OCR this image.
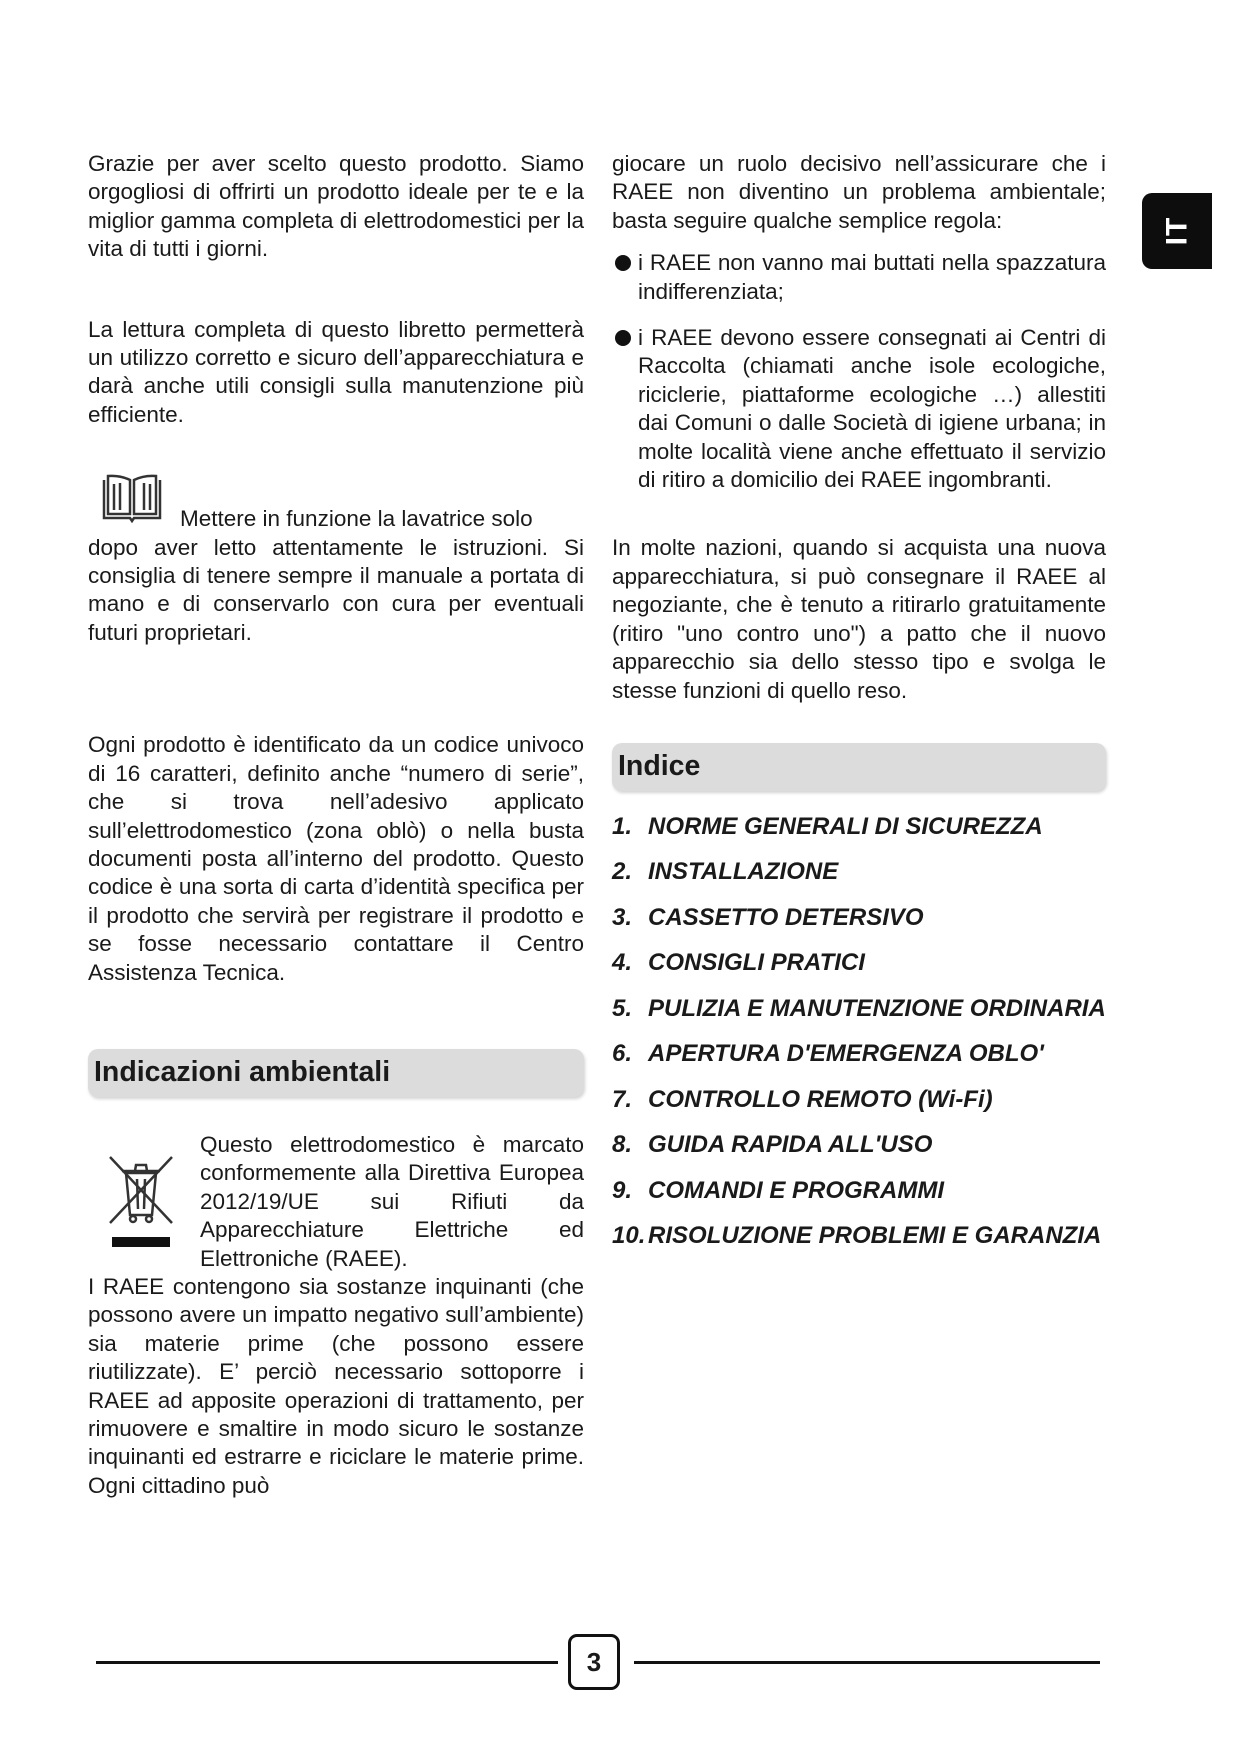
IT

Grazie per aver scelto questo prodotto. Siamo orgogliosi di offrirti un prodotto ideale per te e la miglior gamma completa di elettrodomestici per la vita di tutti i giorni.

La lettura completa di questo libretto permetterà un utilizzo corretto e sicuro dell’apparecchiatura e darà anche utili consigli sulla manutenzione più efficiente.

Mettere in funzione la lavatrice solo
dopo aver letto attentamente le istruzioni. Si consiglia di tenere sempre il manuale a portata di mano e di conservarlo con cura per eventuali futuri proprietari.

Ogni prodotto è identificato da un codice univoco di 16 caratteri, definito anche “numero di serie”, che si trova nell’adesivo applicato sull’elettrodomestico (zona oblò) o nella busta documenti posta all’interno del prodotto. Questo codice è una sorta di carta d’identità specifica per il prodotto che servirà per registrare il prodotto e se fosse necessario contattare il Centro Assistenza Tecnica.

Indicazioni ambientali

Questo elettrodomestico è marcato conformemente alla Direttiva Europea 2012/19/UE sui Rifiuti da Apparecchiature Elettriche ed Elettroniche (RAEE).

I RAEE contengono sia sostanze inquinanti (che possono avere un impatto negativo sull’ambiente) sia materie prime (che possono essere riutilizzate). E’ perciò necessario sottoporre i RAEE ad apposite operazioni di trattamento, per rimuovere e smaltire in modo sicuro le sostanze inquinanti ed estrarre e riciclare le materie prime. Ogni cittadino può

giocare un ruolo decisivo nell’assicurare che i RAEE non diventino un problema ambientale; basta seguire qualche semplice regola:

i RAEE non vanno mai buttati nella spazzatura indifferenziata;
i RAEE devono essere consegnati ai Centri di Raccolta (chiamati anche isole ecologiche, riciclerie, piattaforme ecologiche …) allestiti dai Comuni o dalle Società di igiene urbana; in molte località viene anche effettuato il servizio di ritiro a domicilio dei RAEE ingombranti.

In molte nazioni, quando si acquista una nuova apparecchiatura, si può consegnare il RAEE al negoziante, che è tenuto a ritirarlo gratuitamente (ritiro "uno contro uno") a patto che il nuovo apparecchio sia dello stesso tipo e svolga le stesse funzioni di quello reso.

Indice
1. NORME GENERALI DI SICUREZZA
2. INSTALLAZIONE
3. CASSETTO DETERSIVO
4. CONSIGLI PRATICI
5. PULIZIA E MANUTENZIONE ORDINARIA
6. APERTURA D'EMERGENZA OBLO'
7. CONTROLLO REMOTO (Wi-Fi)
8. GUIDA RAPIDA ALL'USO
9. COMANDI E PROGRAMMI
10. RISOLUZIONE PROBLEMI E GARANZIA
3
